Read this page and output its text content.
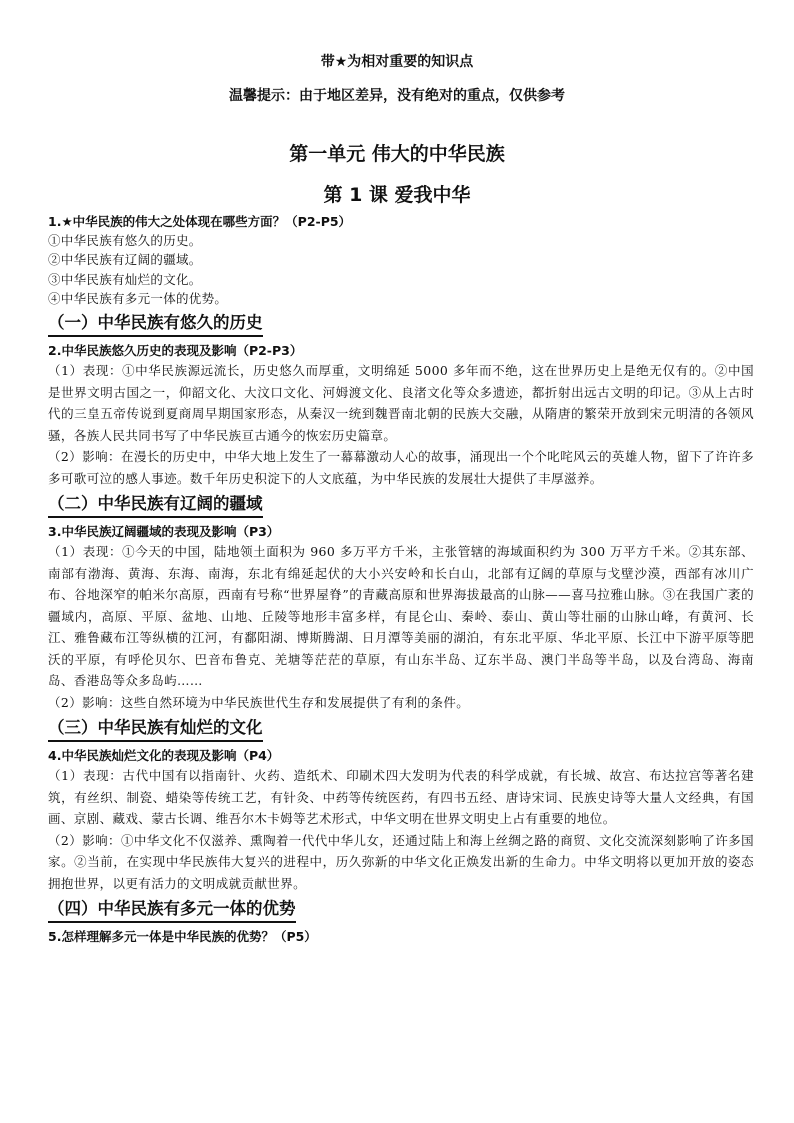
带★为相对重要的知识点
温馨提示：由于地区差异，没有绝对的重点，仅供参考
第一单元 伟大的中华民族
第 1 课 爱我中华

1.★中华民族的伟大之处体现在哪些方面？（P2-P5）

①中华民族有悠久的历史。

②中华民族有辽阔的疆域。

③中华民族有灿烂的文化。

④中华民族有多元一体的优势。

（一）中华民族有悠久的历史

2.中华民族悠久历史的表现及影响（P2-P3）

（1）表现：①中华民族源远流长，历史悠久而厚重，文明绵延 5000 多年而不绝，这在世界历史上是绝无仅有的。②中国是世界文明古国之一，仰韶文化、大汶口文化、河姆渡文化、良渚文化等众多遗迹，都折射出远古文明的印记。③从上古时代的三皇五帝传说到夏商周早期国家形态，从秦汉一统到魏晋南北朝的民族大交融，从隋唐的繁荣开放到宋元明清的各领风骚，各族人民共同书写了中华民族亘古通今的恢宏历史篇章。

（2）影响：在漫长的历史中，中华大地上发生了一幕幕激动人心的故事，涌现出一个个叱咤风云的英雄人物，留下了许许多多可歌可泣的感人事迹。数千年历史积淀下的人文底蕴，为中华民族的发展壮大提供了丰厚滋养。

（二）中华民族有辽阔的疆域

3.中华民族辽阔疆域的表现及影响（P3）

（1）表现：①今天的中国，陆地领土面积为 960 多万平方千米，主张管辖的海域面积约为 300 万平方千米。②其东部、南部有渤海、黄海、东海、南海，东北有绵延起伏的大小兴安岭和长白山，北部有辽阔的草原与戈壁沙漠，西部有冰川广布、谷地深窄的帕米尔高原，西南有号称“世界屋脊”的青藏高原和世界海拔最高的山脉——喜马拉雅山脉。③在我国广袤的疆域内，高原、平原、盆地、山地、丘陵等地形丰富多样，有昆仑山、秦岭、泰山、黄山等壮丽的山脉山峰，有黄河、长江、雅鲁藏布江等纵横的江河，有鄱阳湖、博斯腾湖、日月潭等美丽的湖泊，有东北平原、华北平原、长江中下游平原等肥沃的平原，有呼伦贝尔、巴音布鲁克、羌塘等茫茫的草原，有山东半岛、辽东半岛、澳门半岛等半岛，以及台湾岛、海南岛、香港岛等众多岛屿……

（2）影响：这些自然环境为中华民族世代生存和发展提供了有利的条件。

（三）中华民族有灿烂的文化

4.中华民族灿烂文化的表现及影响（P4）

（1）表现：古代中国有以指南针、火药、造纸术、印刷术四大发明为代表的科学成就，有长城、故宫、布达拉宫等著名建筑，有丝织、制瓷、蜡染等传统工艺，有针灸、中药等传统医药，有四书五经、唐诗宋词、民族史诗等大量人文经典，有国画、京剧、藏戏、蒙古长调、维吾尔木卡姆等艺术形式，中华文明在世界文明史上占有重要的地位。

（2）影响：①中华文化不仅滋养、熏陶着一代代中华儿女，还通过陆上和海上丝绸之路的商贸、文化交流深刻影响了许多国家。②当前，在实现中华民族伟大复兴的进程中，历久弥新的中华文化正焕发出新的生命力。中华文明将以更加开放的姿态拥抱世界，以更有活力的文明成就贡献世界。

（四）中华民族有多元一体的优势

5.怎样理解多元一体是中华民族的优势？（P5）
